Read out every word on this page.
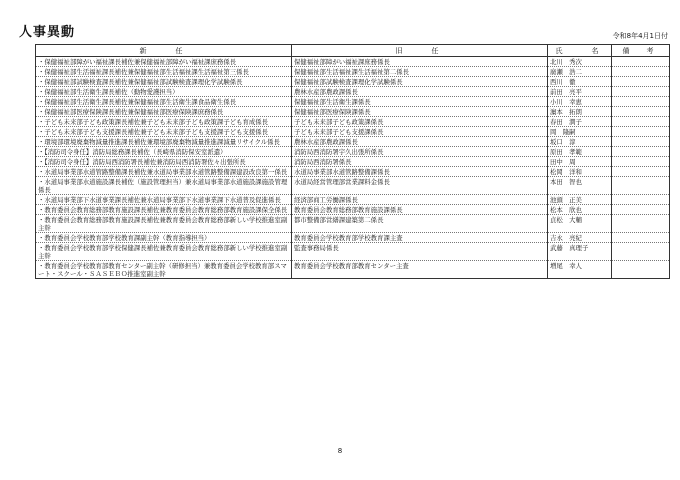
人事異動	令和8年4月1日付
新　　任	旧　　任	氏　　名	備　考
・保健福祉部障がい福祉課長補佐兼保健福祉部障がい福祉課庶務係長	保健福祉部障がい福祉課庶務係長	北川　秀次	
・保健福祉部生活福祉課長補佐兼保健福祉部生活福祉課生活福祉第三係長	保健福祉部生活福祉課生活福祉第二係長	廣瀬　浩二	
・保健福祉部試験検査課長補佐兼保健福祉部試験検査課理化学試験係長	保健福祉部試験検査課理化学試験係長	西川　徹	
・保健福祉部生活衛生課長補佐（動物愛護担当）	農林水産部農政課係長	前田　亮平	
・保健福祉部生活衛生課長補佐兼保健福祉部生活衛生課食品衛生係長	保健福祉部生活衛生課係長	小川　幸恵	
・保健福祉部医療保険課長補佐兼保健福祉部医療保険課庶務係長	保健福祉部医療保険課係長	濵本　拓朗	
・子ども未来部子ども政策課長補佐兼子ども未来部子ども政策課子ども育成係長	子ども未来部子ども政策課係長	春田　潤子	
・子ども未来部子ども支援課長補佐兼子ども未来部子ども支援課子ども支援係長	子ども未来部子ども支援課係長	岡　隆嗣	
・環境部環境廃棄物減量推進課長補佐兼環境部廃棄物減量推進課減量リサイクル係長	農林水産部農政課係長	坂口　淳	
・【消防司令身任】消防局総務課長補佐（長崎県消防保安室派遣）	消防局西消防署宇久出張所係長	原田　孝範	
・【消防司令身任】消防局西消防署長補佐兼消防局西消防署佐々出張所長	消防局西消防署係長	田中　周	
・水道局事業部水道管路整備課長補佐兼水道局事業部水道管路整備課建設改良第一係長	水道局事業部水道管路整備課係長	松岡　洋和	
・水道局事業部水道施設課長補佐（施設管理担当）兼水道局事業部水道施設課施設管理係長	水道局経営管理部営業課料金係長	本田　智也	
・水道局事業部下水道事業課長補佐兼水道局事業部下水道事業課下水道普及促進係長	経済部商工労働課係長	池頭　正美	
・教育委員会教育総務部教育施設課長補佐兼教育委員会教育総務部教育施設課保全係長	教育委員会教育総務部教育施設課係長	松本　欣也	
・教育委員会教育総務部教育施設課長補佐兼教育委員会教育総務部新しい学校推進室副主幹	都市整備部営繕課建築第二係長	貞松　大輔	
・教育委員会学校教育部学校教育課副主幹（教育指導担当）	教育委員会学校教育部学校教育課主査	吉永　亮紀	
・教育委員会学校教育部学校保健課長補佐兼教育委員会教育総務部新しい学校推進室副主幹	監査事務局係長	武藤　真理子	
・教育委員会学校教育部教育センター副主幹（研修担当）兼教育委員会学校教育部スマート・スクール・ＳＡＳＥＢＯ推進室副主幹	教育委員会学校教育部教育センター主査	増尾　幸人	
8
